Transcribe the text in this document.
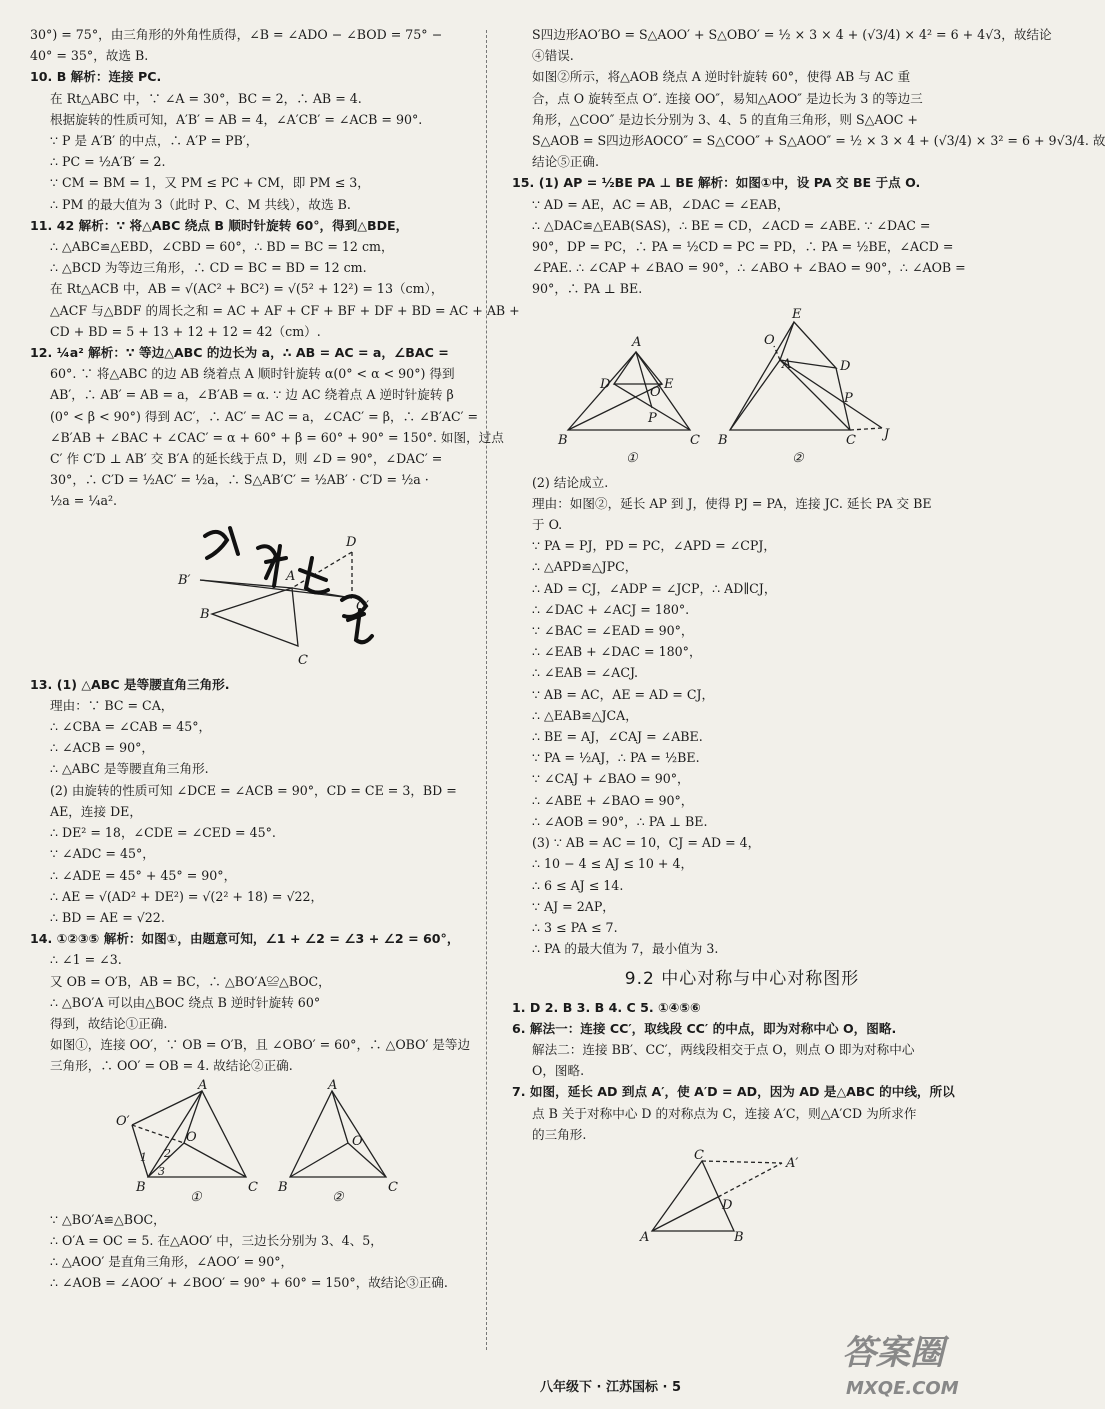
30°) = 75°，由三角形的外角性质得，∠B = ∠ADO − ∠BOD = 75° −
40° = 35°，故选 B.
10. B 解析：连接 PC.
在 Rt△ABC 中，∵ ∠A = 30°，BC = 2，∴ AB = 4.
根据旋转的性质可知，A′B′ = AB = 4，∠A′CB′ = ∠ACB = 90°.
∵ P 是 A′B′ 的中点，∴ A′P = PB′，
∴ PC = ½A′B′ = 2.
∵ CM = BM = 1，又 PM ≤ PC + CM，即 PM ≤ 3，
∴ PM 的最大值为 3（此时 P、C、M 共线），故选 B.
11. 42 解析：∵ 将△ABC 绕点 B 顺时针旋转 60°，得到△BDE，
∴ △ABC≌△EBD，∠CBD = 60°，∴ BD = BC = 12 cm，
∴ △BCD 为等边三角形，∴ CD = BC = BD = 12 cm.
在 Rt△ACB 中，AB = √(AC² + BC²) = √(5² + 12²) = 13（cm），
△ACF 与△BDF 的周长之和 = AC + AF + CF + BF + DF + BD = AC + AB +
CD + BD = 5 + 13 + 12 + 12 = 42（cm）.
12. ¼a² 解析：∵ 等边△ABC 的边长为 a，∴ AB = AC = a，∠BAC =
60°. ∵ 将△ABC 的边 AB 绕着点 A 顺时针旋转 α(0° < α < 90°) 得到
AB′，∴ AB′ = AB = a，∠B′AB = α. ∵ 边 AC 绕着点 A 逆时针旋转 β
(0° < β < 90°) 得到 AC′，∴ AC′ = AC = a，∠CAC′ = β，∴ ∠B′AC′ =
∠B′AB + ∠BAC + ∠CAC′ = α + 60° + β = 60° + 90° = 150°. 如图，过点
C′ 作 C′D ⊥ AB′ 交 B′A 的延长线于点 D，则 ∠D = 90°，∠DAC′ =
30°，∴ C′D = ½AC′ = ½a，∴ S△AB′C′ = ½AB′ · C′D = ½a ·
½a = ¼a².
D
B′
C′
A
B
C
13. (1) △ABC 是等腰直角三角形.
理由：∵ BC = CA，
∴ ∠CBA = ∠CAB = 45°，
∴ ∠ACB = 90°，
∴ △ABC 是等腰直角三角形.
(2) 由旋转的性质可知 ∠DCE = ∠ACB = 90°，CD = CE = 3，BD =
AE，连接 DE，
∴ DE² = 18，∠CDE = ∠CED = 45°.
∵ ∠ADC = 45°，
∴ ∠ADE = 45° + 45° = 90°，
∴ AE = √(AD² + DE²) = √(2² + 18) = √22，
∴ BD = AE = √22.
14. ①②③⑤ 解析：如图①，由题意可知，∠1 + ∠2 = ∠3 + ∠2 = 60°，
∴ ∠1 = ∠3.
又 OB = O′B，AB = BC，∴ △BO′A≌△BOC，
∴ △BO′A 可以由△BOC 绕点 B 逆时针旋转 60°
得到，故结论①正确.
如图①，连接 OO′，∵ OB = O′B，且 ∠OBO′ = 60°，∴ △OBO′ 是等边
三角形，∴ OO′ = OB = 4. 故结论②正确.
A
O′
O
B	C
1 2
3
①
A
O
B	C
②
∵ △BO′A≌△BOC，
∴ O′A = OC = 5. 在△AOO′ 中，三边长分别为 3、4、5，
∴ △AOO′ 是直角三角形，∠AOO′ = 90°，
∴ ∠AOB = ∠AOO′ + ∠BOO′ = 90° + 60° = 150°，故结论③正确.
S四边形AO′BO = S△AOO′ + S△OBO′ = ½ × 3 × 4 + (√3/4) × 4² = 6 + 4√3，故结论
④错误.
如图②所示，将△AOB 绕点 A 逆时针旋转 60°，使得 AB 与 AC 重
合，点 O 旋转至点 O″. 连接 OO″，易知△AOO″ 是边长为 3 的等边三
角形，△COO″ 是边长分别为 3、4、5 的直角三角形，则 S△AOC +
S△AOB = S四边形AOCO″ = S△COO″ + S△AOO″ = ½ × 3 × 4 + (√3/4) × 3² = 6 + 9√3/4. 故
结论⑤正确.
15. (1) AP = ½BE PA ⊥ BE 解析：如图①中，设 PA 交 BE 于点 O.
∵ AD = AE，AC = AB，∠DAC = ∠EAB，
∴ △DAC≌△EAB(SAS)，∴ BE = CD，∠ACD = ∠ABE. ∵ ∠DAC =
90°，DP = PC，∴ PA = ½CD = PC = PD，∴ PA = ½BE，∠ACD =
∠PAE. ∴ ∠CAP + ∠BAO = 90°，∴ ∠ABO + ∠BAO = 90°，∴ ∠AOB =
90°，∴ PA ⊥ BE.
A
D	E
O
P
B	C
①
E
O
A	D
P
B	C J
②
(2) 结论成立.
理由：如图②，延长 AP 到 J，使得 PJ = PA，连接 JC. 延长 PA 交 BE
于 O.
∵ PA = PJ，PD = PC，∠APD = ∠CPJ，
∴ △APD≌△JPC，
∴ AD = CJ，∠ADP = ∠JCP，∴ AD∥CJ，
∴ ∠DAC + ∠ACJ = 180°.
∵ ∠BAC = ∠EAD = 90°，
∴ ∠EAB + ∠DAC = 180°，
∴ ∠EAB = ∠ACJ.
∵ AB = AC，AE = AD = CJ，
∴ △EAB≌△JCA，
∴ BE = AJ，∠CAJ = ∠ABE.
∵ PA = ½AJ，∴ PA = ½BE.
∵ ∠CAJ + ∠BAO = 90°，
∴ ∠ABE + ∠BAO = 90°，
∴ ∠AOB = 90°，∴ PA ⊥ BE.
(3) ∵ AB = AC = 10，CJ = AD = 4，
∴ 10 − 4 ≤ AJ ≤ 10 + 4，
∴ 6 ≤ AJ ≤ 14.
∵ AJ = 2AP，
∴ 3 ≤ PA ≤ 7.
∴ PA 的最大值为 7，最小值为 3.
9.2 中心对称与中心对称图形
1. D 2. B 3. B 4. C 5. ①④⑤⑥
6. 解法一：连接 CC′，取线段 CC′ 的中点，即为对称中心 O，图略.
解法二：连接 BB′、CC′，两线段相交于点 O，则点 O 即为对称中心
O，图略.
7. 如图，延长 AD 到点 A′，使 A′D = AD，因为 AD 是△ABC 的中线，所以
点 B 关于对称中心 D 的对称点为 C，连接 A′C，则△A′CD 为所求作
的三角形.
C
A′
D
A	B
八年级下 · 江苏国标 · 5
答案圈
MXQE.COM
